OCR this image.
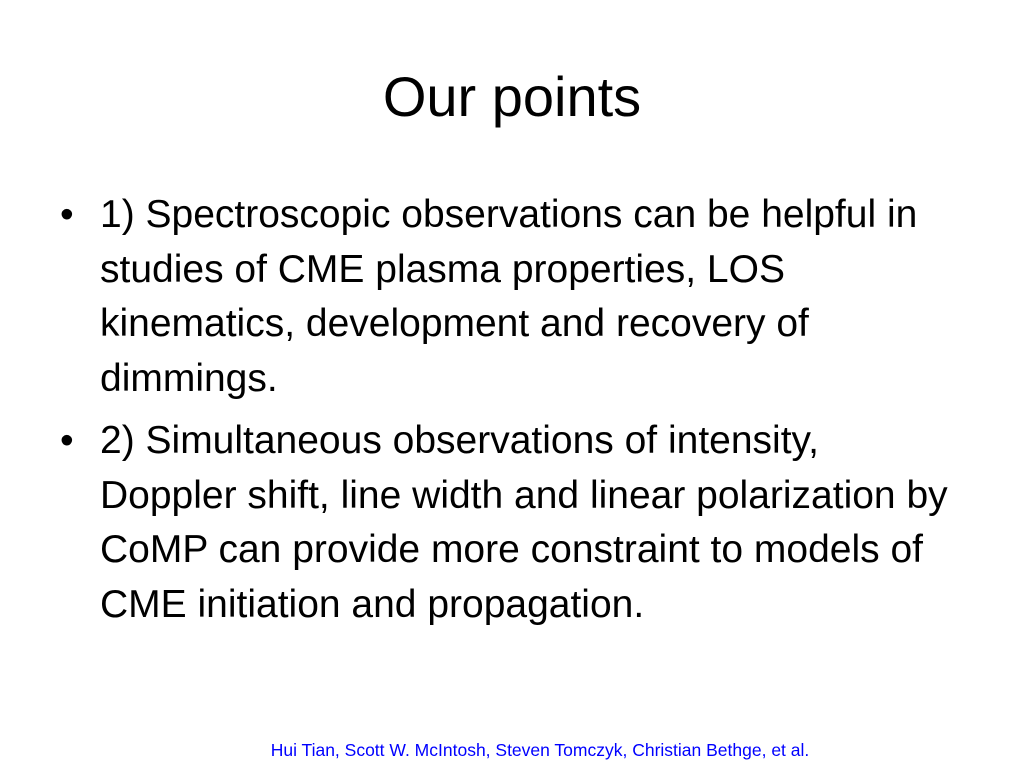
Our points
• 1) Spectroscopic observations can be helpful in studies of CME plasma properties, LOS kinematics, development and recovery of dimmings.
• 2) Simultaneous observations of intensity, Doppler shift, line width and linear polarization by CoMP can provide more constraint to models of CME initiation and propagation.
Hui Tian, Scott W. McIntosh, Steven Tomczyk, Christian Bethge, et al.
